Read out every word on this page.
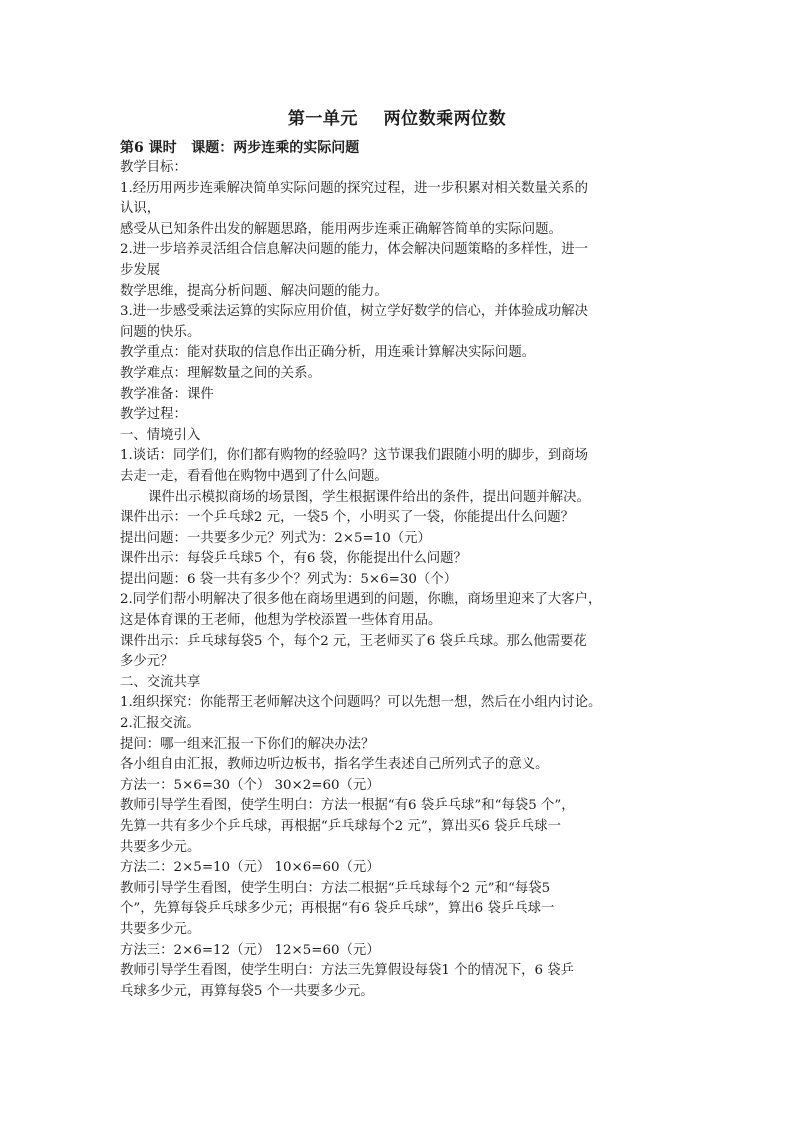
第一单元    两位数乘两位数
第6 课时   课题：两步连乘的实际问题
教学目标：
1.经历用两步连乘解决简单实际问题的探究过程，进一步积累对相关数量关系的
认识，
感受从已知条件出发的解题思路，能用两步连乘正确解答简单的实际问题。
2.进一步培养灵活组合信息解决问题的能力，体会解决问题策略的多样性，进一
步发展
数学思维，提高分析问题、解决问题的能力。
3.进一步感受乘法运算的实际应用价值，树立学好数学的信心，并体验成功解决
问题的快乐。
教学重点：能对获取的信息作出正确分析，用连乘计算解决实际问题。
教学难点：理解数量之间的关系。
教学准备：课件
教学过程：
一、情境引入
1.谈话：同学们，你们都有购物的经验吗？这节课我们跟随小明的脚步，到商场
去走一走，看看他在购物中遇到了什么问题。
课件出示模拟商场的场景图，学生根据课件给出的条件，提出问题并解决。
课件出示：一个乒乓球2 元，一袋5 个，小明买了一袋，你能提出什么问题？
提出问题：一共要多少元？列式为：2×5=10（元）
课件出示：每袋乒乓球5 个，有6 袋，你能提出什么问题？
提出问题：6 袋一共有多少个？列式为：5×6=30（个）
2.同学们帮小明解决了很多他在商场里遇到的问题，你瞧，商场里迎来了大客户，
这是体育课的王老师，他想为学校添置一些体育用品。
课件出示：乒乓球每袋5 个，每个2 元，王老师买了6 袋乒乓球。那么他需要花
多少元？
二、交流共享
1.组织探究：你能帮王老师解决这个问题吗？可以先想一想，然后在小组内讨论。
2.汇报交流。
提问：哪一组来汇报一下你们的解决办法？
各小组自由汇报，教师边听边板书，指名学生表述自己所列式子的意义。
方法一：5×6=30（个） 30×2=60（元）
教师引导学生看图，使学生明白：方法一根据“有6 袋乒乓球”和“每袋5 个”，
先算一共有多少个乒乓球，再根据“乒乓球每个2 元”，算出买6 袋乒乓球一
共要多少元。
方法二：2×5=10（元） 10×6=60（元）
教师引导学生看图，使学生明白：方法二根据“乒乓球每个2 元”和“每袋5
个”，先算每袋乒乓球多少元；再根据“有6 袋乒乓球”，算出6 袋乒乓球一
共要多少元。
方法三：2×6=12（元） 12×5=60（元）
教师引导学生看图，使学生明白：方法三先算假设每袋1 个的情况下，6 袋乒
乓球多少元，再算每袋5 个一共要多少元。
